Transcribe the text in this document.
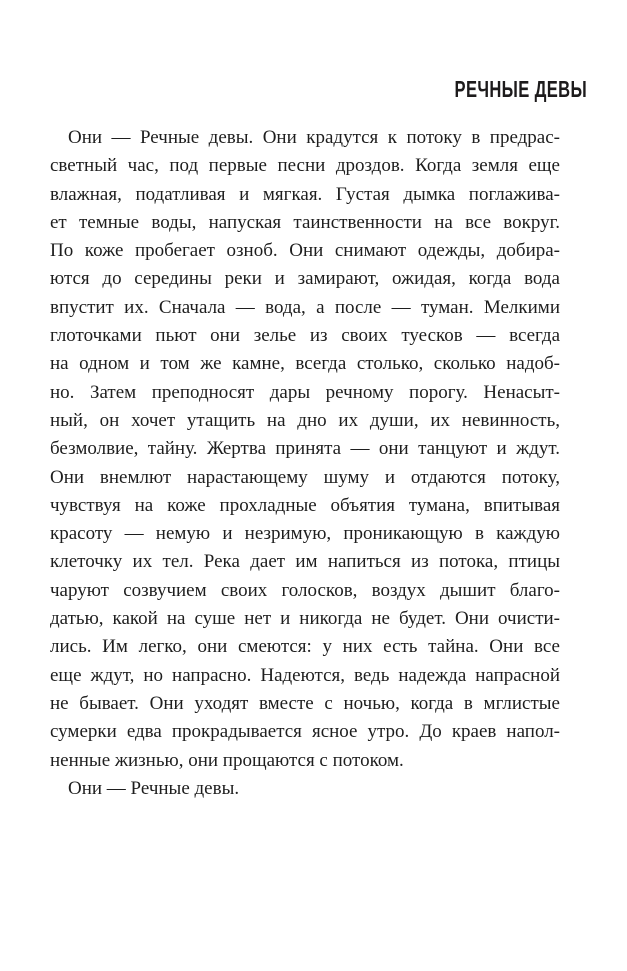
РЕЧНЫЕ ДЕВЫ
Они — Речные девы. Они крадутся к потоку в предрас-
светный час, под первые песни дроздов. Когда земля еще
влажная, податливая и мягкая. Густая дымка поглажива-
ет темные воды, напуская таинственности на все вокруг.
По коже пробегает озноб. Они снимают одежды, добира-
ются до середины реки и замирают, ожидая, когда вода
впустит их. Сначала — вода, а после — туман. Мелкими
глоточками пьют они зелье из своих туесков — всегда
на одном и том же камне, всегда столько, сколько надоб-
но. Затем преподносят дары речному порогу. Ненасыт-
ный, он хочет утащить на дно их души, их невинность,
безмолвие, тайну. Жертва принята — они танцуют и ждут.
Они внемлют нарастающему шуму и отдаются потоку,
чувствуя на коже прохладные объятия тумана, впитывая
красоту — немую и незримую, проникающую в каждую
клеточку их тел. Река дает им напиться из потока, птицы
чаруют созвучием своих голосков, воздух дышит благо-
датью, какой на суше нет и никогда не будет. Они очисти-
лись. Им легко, они смеются: у них есть тайна. Они все
еще ждут, но напрасно. Надеются, ведь надежда напрасной
не бывает. Они уходят вместе с ночью, когда в мглистые
сумерки едва прокрадывается ясное утро. До краев напол-
ненные жизнью, они прощаются с потоком.
Они — Речные девы.
